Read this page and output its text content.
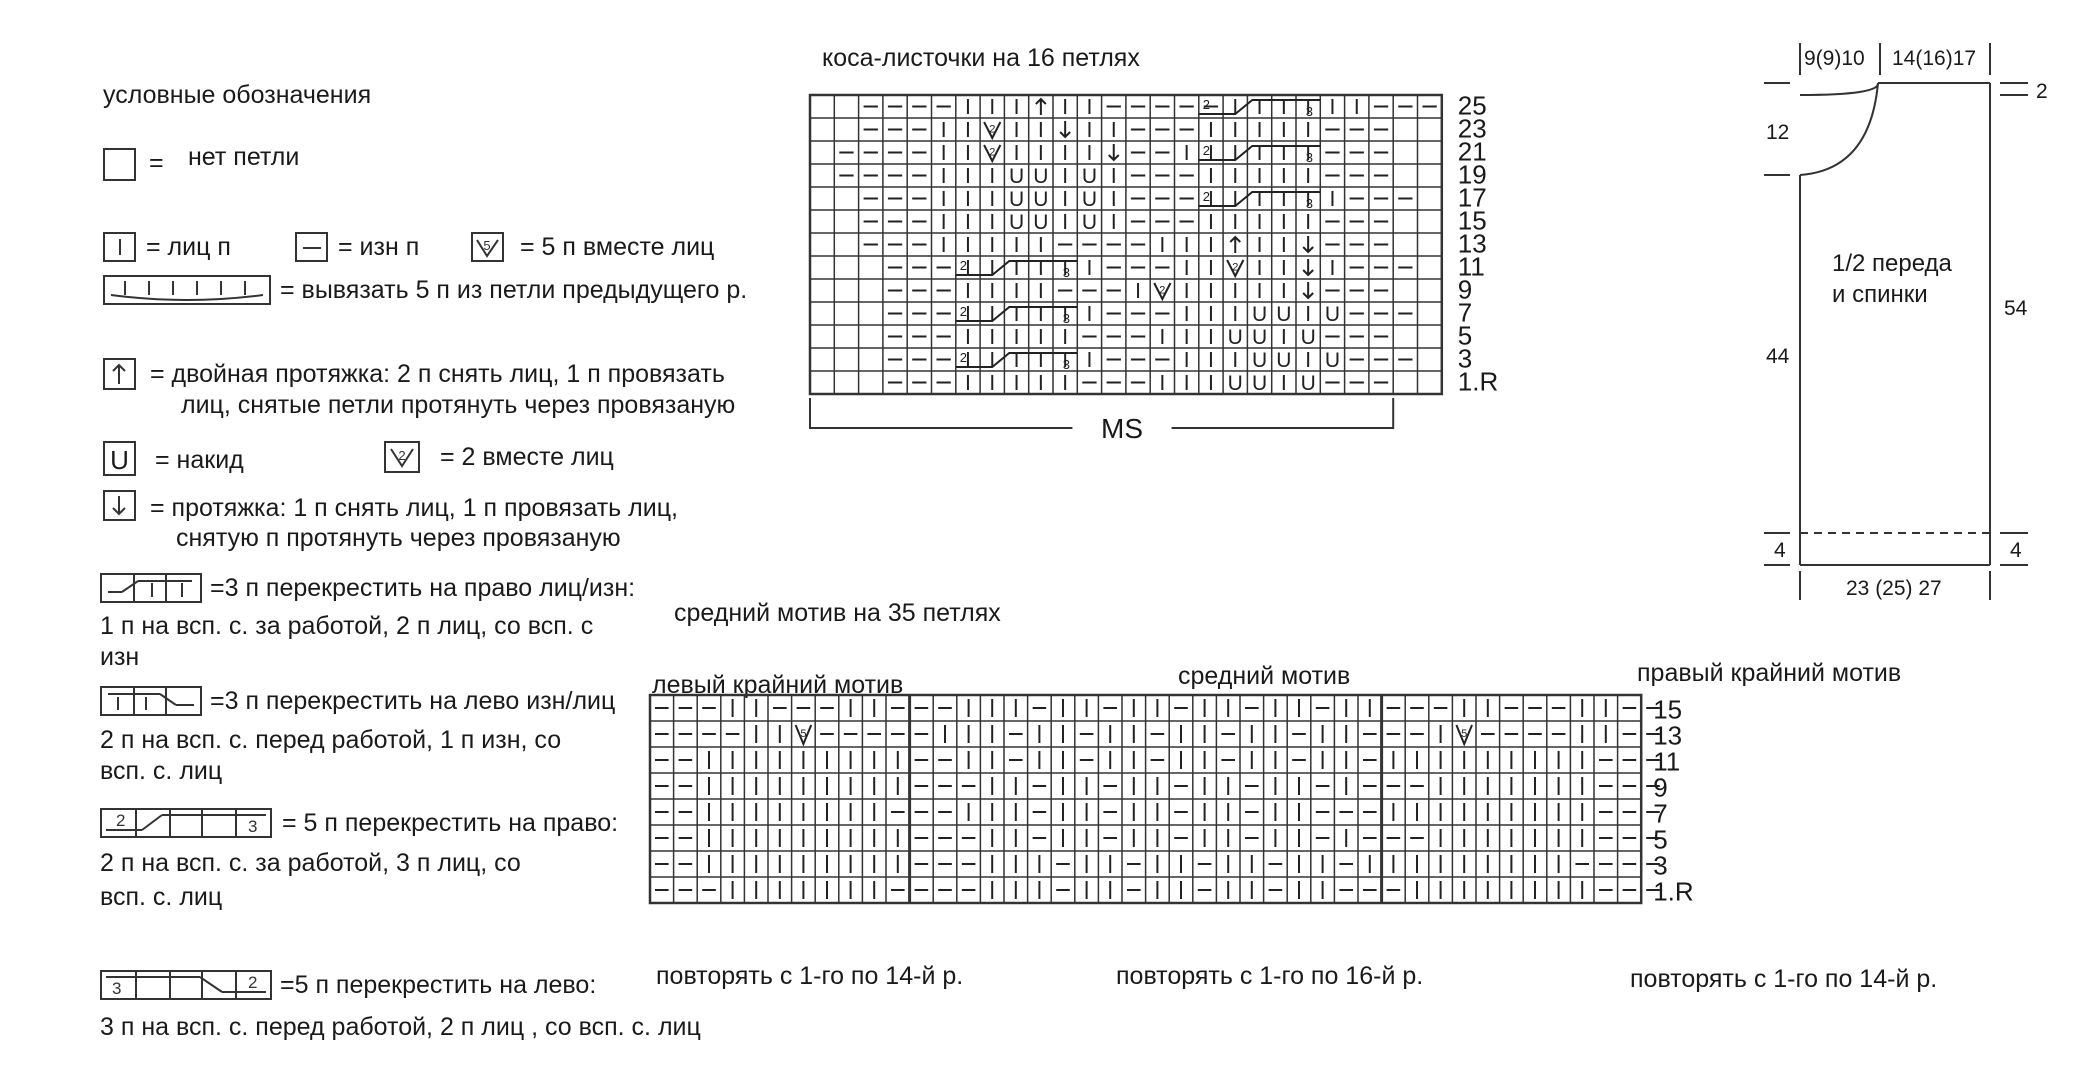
условные обозначения
= нет петли
= лиц п	= изн п	5 = 5 п вместе лиц
= вывязать 5 п из петли предыдущего р.
= двойная протяжка: 2 п снять лиц, 1 п провязать
лиц, снятые петли протянуть через провязаную
U = накид	2 = 2 вместе лиц
= протяжка: 1 п снять лиц, 1 п провязать лиц,
снятую п протянуть через провязаную
=3 п перекрестить на право лиц/изн:
1 п на всп. с. за работой, 2 п лиц, со всп. с
изн
=3 п перекрестить на лево изн/лиц
2 п на всп. с. перед работой, 1 п изн, со
всп. с. лиц
2	3 = 5 п перекрестить на право:
2 п на всп. с. за работой, 3 п лиц, со
всп. с. лиц
3	2 =5 п перекрестить на лево:
3 п на всп. с. перед работой, 2 п лиц , со всп. с. лиц
коса-листочки на 16 петлях
2
2
U U U
U U U
U U U
2
2
U U U
U U U
U U U
U U U
2	3
2	3
2	3
2	3
2	3
2	3
25
23
21
19
17
15
13
11
9
7
5
3
1.R
MS
средний мотив на 35 петлях
левый крайний мотив	средний мотив	правый крайний мотив
5	5
15
13
11
9
7
5
3
1.R
повторять с 1-го по 14-й р.	повторять с 1-го по 16-й р.	повторять с 1-го по 14-й р.
9(9)10 14(16)17
12
2
1/2 переда
и спинки
44
54
4	4
23 (25) 27
